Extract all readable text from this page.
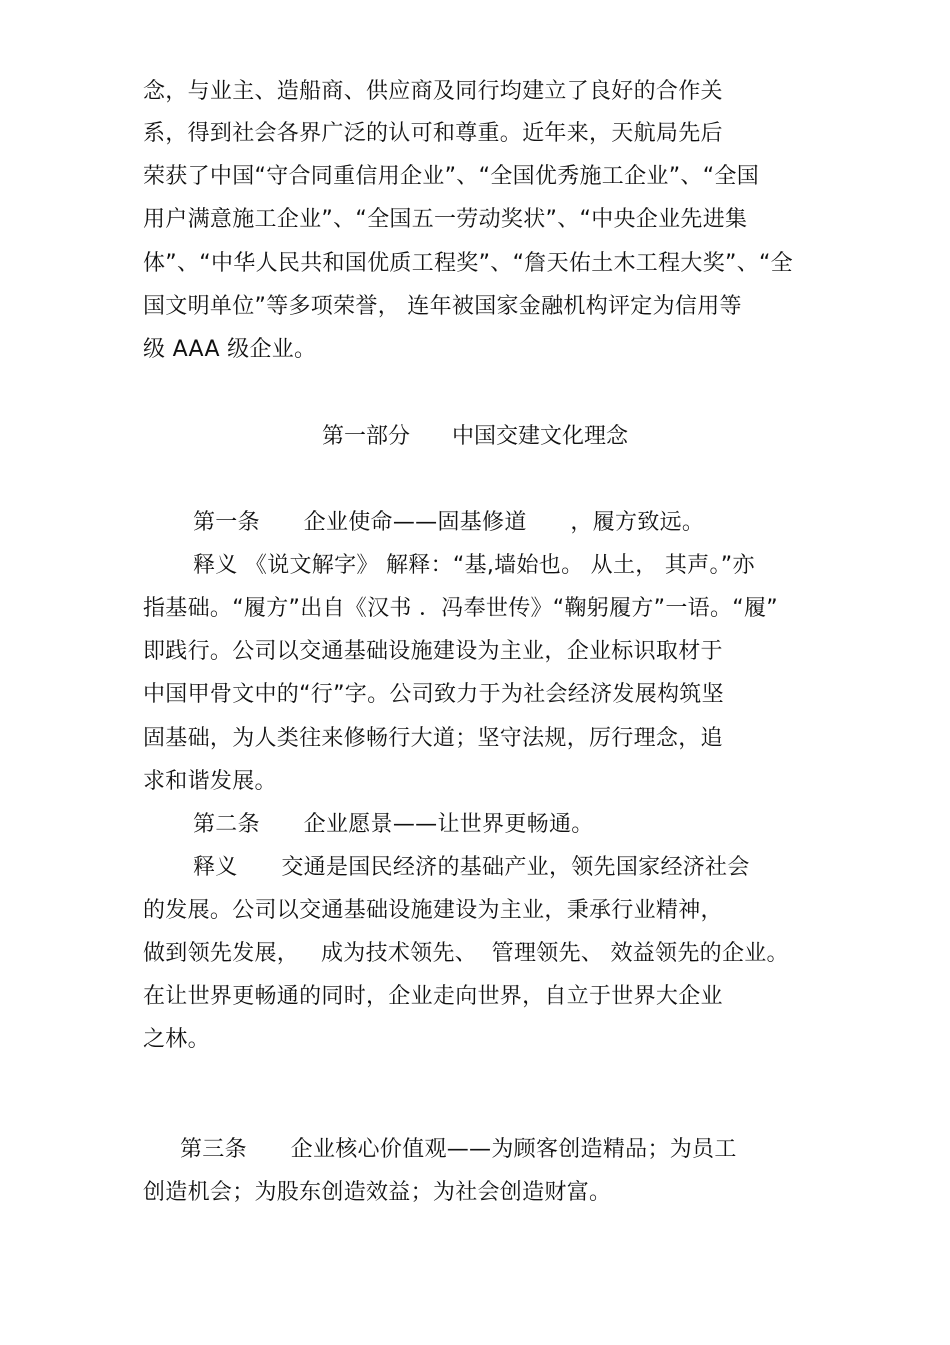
念，与业主、造船商、供应商及同行均建立了良好的合作关
系，得到社会各界广泛的认可和尊重。近年来，天航局先后
荣获了中国“守合同重信用企业”、“全国优秀施工企业”、“全国
用户满意施工企业”、“全国五一劳动奖状”、“中央企业先进集
体”、“中华人民共和国优质工程奖”、“詹天佑土木工程大奖”、“全
国文明单位”等多项荣誉， 连年被国家金融机构评定为信用等
级 AAA 级企业。
第一部分      中国交建文化理念
第一条      企业使命——固基修道      ，履方致远。
释义 《说文解字》 解释：“基,墙始也。 从土， 其声。”亦
指基础。“履方”出自《汉书 ．冯奉世传》“鞠躬履方”一语。“履”
即践行。公司以交通基础设施建设为主业，企业标识取材于
中国甲骨文中的“行”字。公司致力于为社会经济发展构筑坚
固基础，为人类往来修畅行大道；坚守法规，厉行理念，追
求和谐发展。
第二条      企业愿景——让世界更畅通。
释义      交通是国民经济的基础产业，领先国家经济社会
的发展。公司以交通基础设施建设为主业，秉承行业精神，
做到领先发展，   成为技术领先、  管理领先、 效益领先的企业。
在让世界更畅通的同时，企业走向世界，自立于世界大企业
之林。
第三条      企业核心价值观——为顾客创造精品；为员工
创造机会；为股东创造效益；为社会创造财富。
